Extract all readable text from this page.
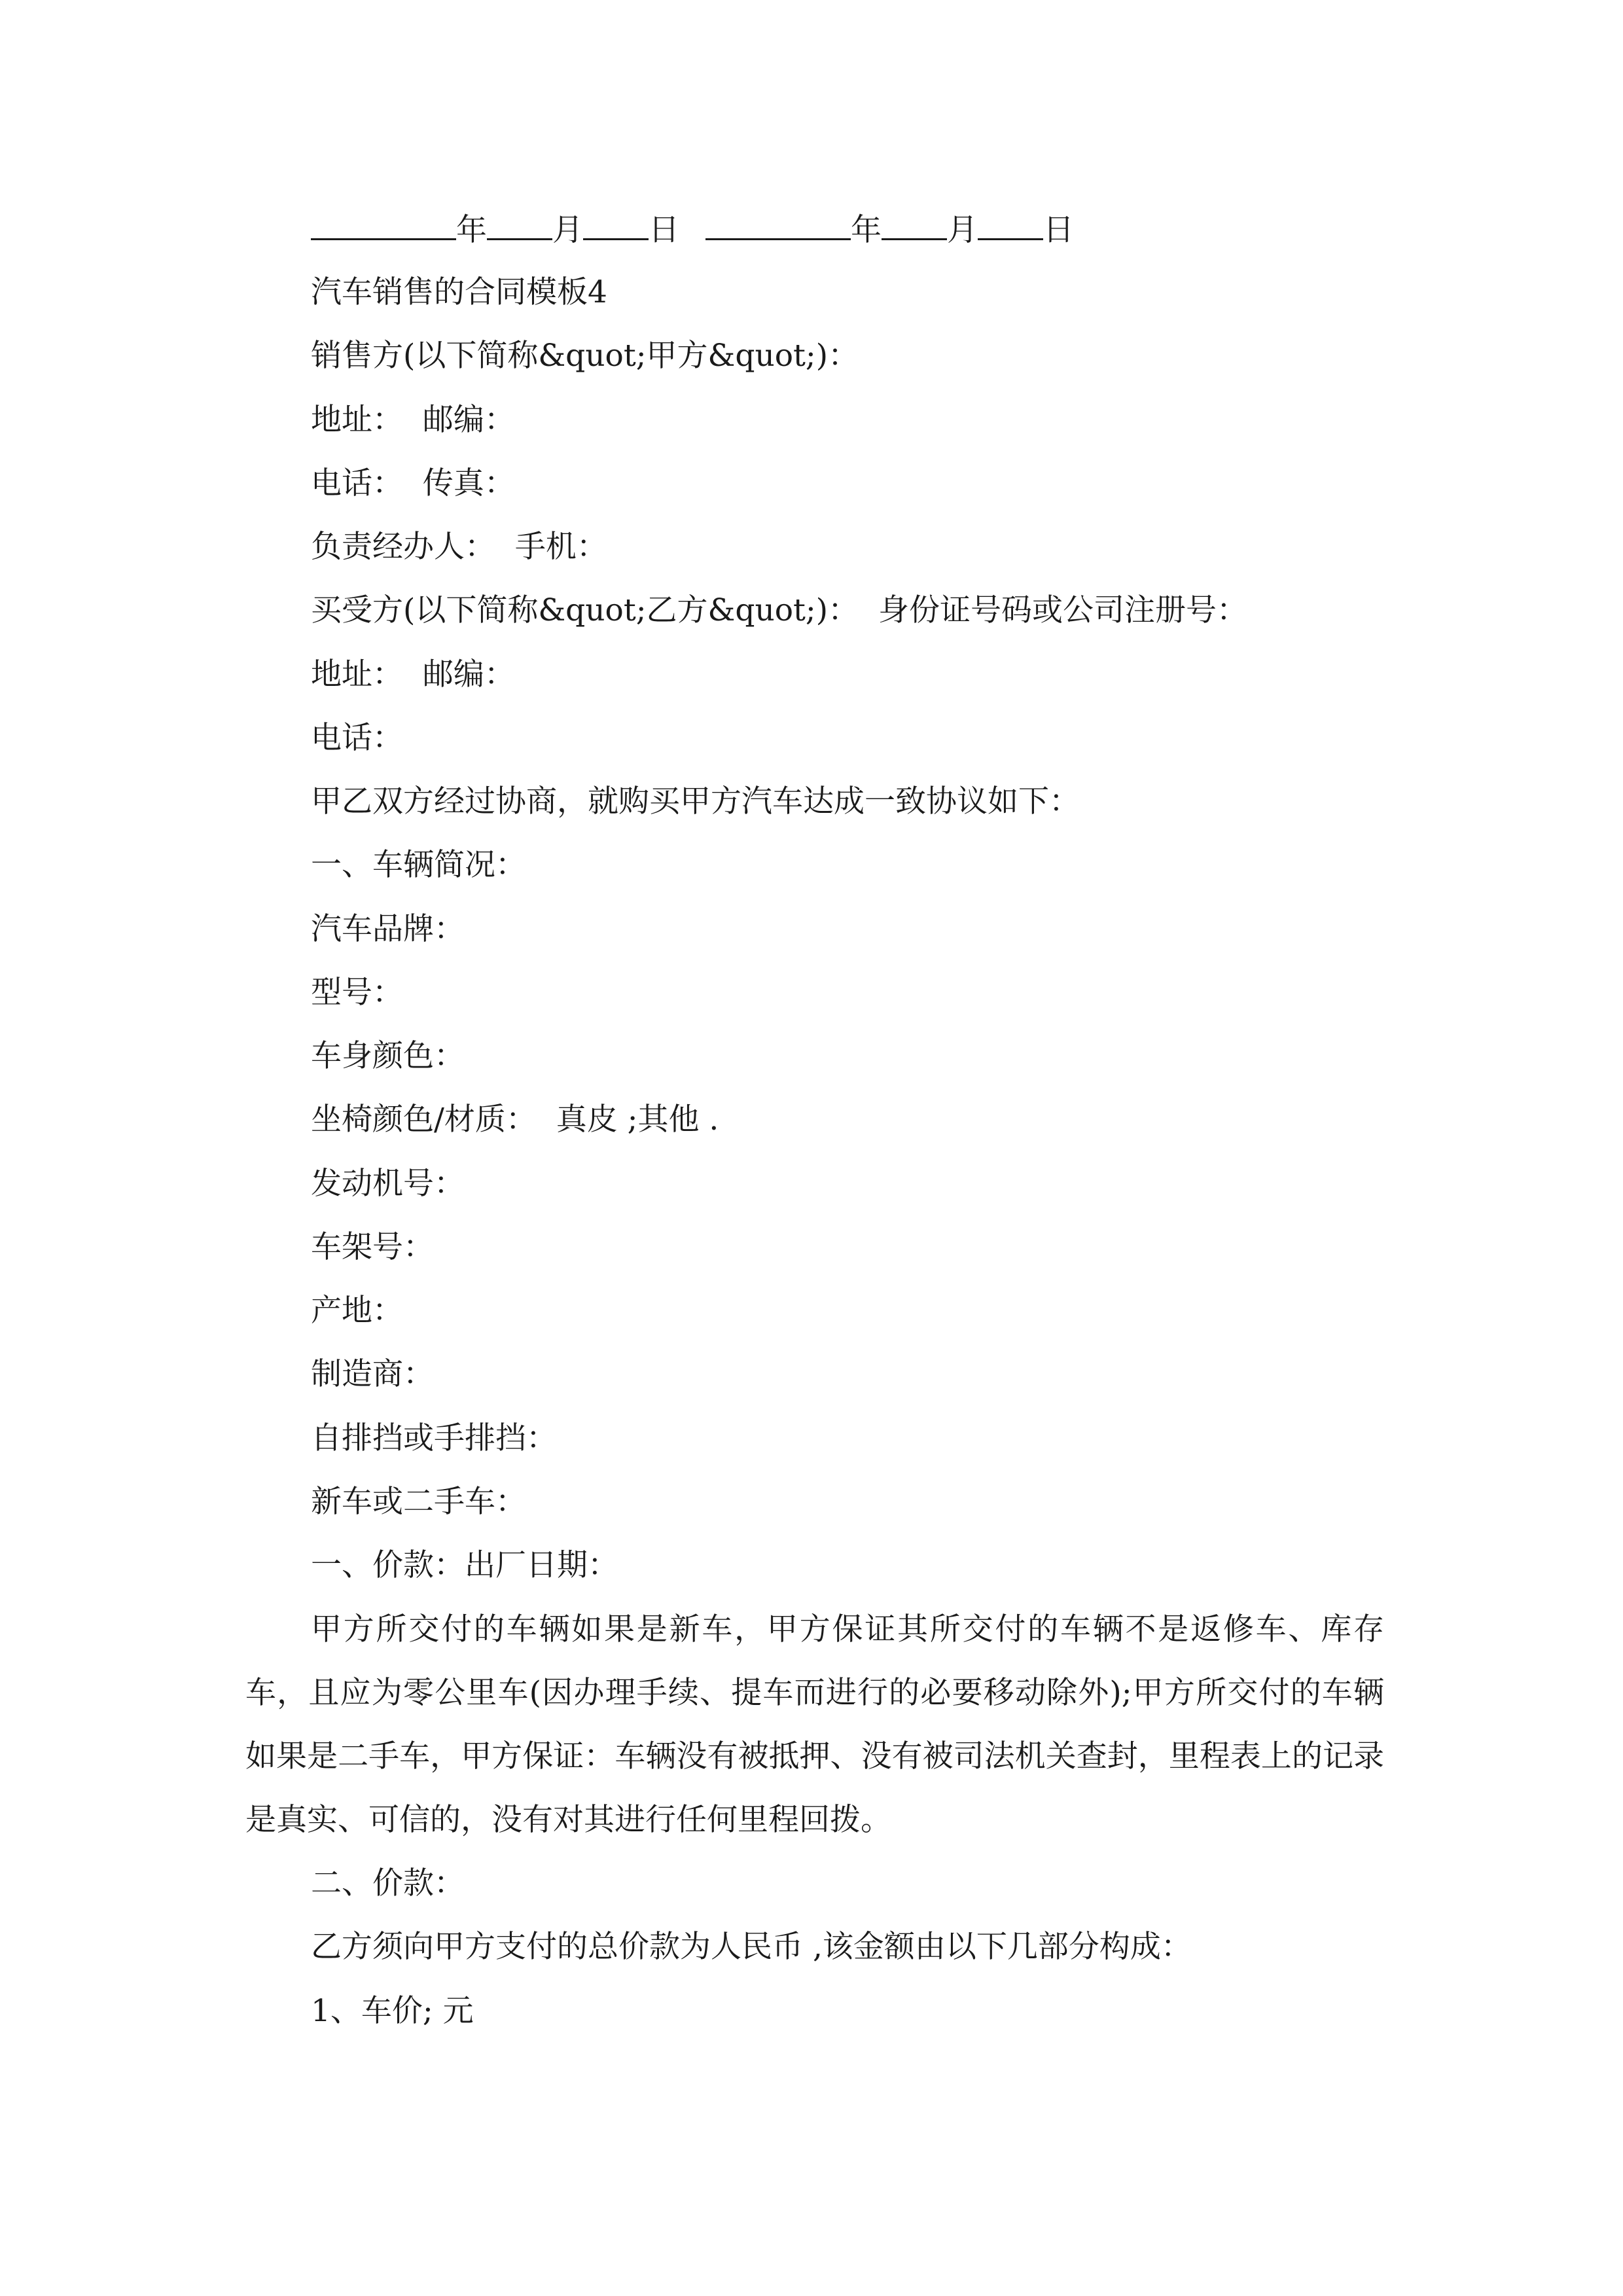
年 月 日	年 月 日
汽车销售的合同模板4
销售方(以下简称&quot;甲方&quot;)：
地址：  邮编：
电话：  传真：
负责经办人：  手机：
买受方(以下简称&quot;乙方&quot;)：  身份证号码或公司注册号：
地址：  邮编：
电话：
甲乙双方经过协商，就购买甲方汽车达成一致协议如下：
一、车辆简况：
汽车品牌：
型号：
车身颜色：
坐椅颜色/材质：  真皮 ;其他 .
发动机号：
车架号：
产地：
制造商：
自排挡或手排挡：
新车或二手车：
一、价款：出厂日期：

甲方所交付的车辆如果是新车，甲方保证其所交付的车辆不是返修车、库存车，且应为零公里车(因办理手续、提车而进行的必要移动除外);甲方所交付的车辆如果是二手车，甲方保证：车辆没有被抵押、没有被司法机关查封，里程表上的记录是真实、可信的，没有对其进行任何里程回拨。

二、价款：
乙方须向甲方支付的总价款为人民币 ,该金额由以下几部分构成：
1、车价; 元
